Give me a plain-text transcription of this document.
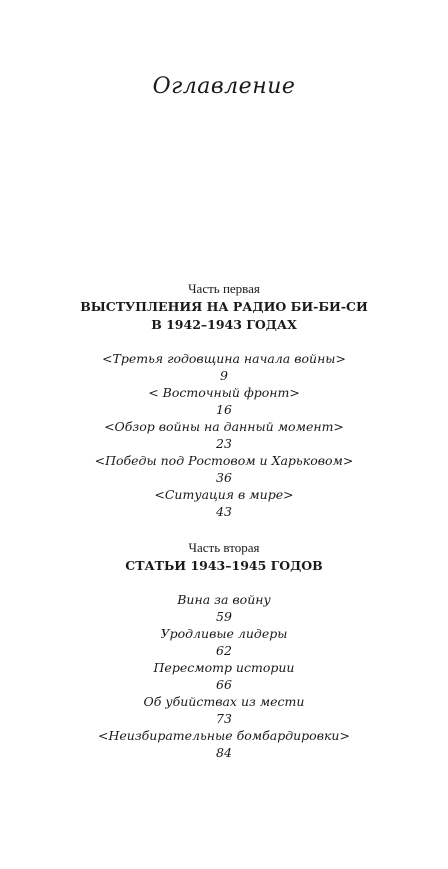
Оглавление
Часть первая
ВЫСТУПЛЕНИЯ НА РАДИО БИ-БИ-СИ
В 1942–1943 ГОДАХ
<Третья годовщина начала войны>
9
< Восточный фронт>
16
<Обзор войны на данный момент>
23
<Победы под Ростовом и Харьковом>
36
<Ситуация в мире>
43
Часть вторая
СТАТЬИ 1943–1945 ГОДОВ
Вина за войну
59
Уродливые лидеры
62
Пересмотр истории
66
Об убийствах из мести
73
<Неизбирательные бомбардировки>
84
